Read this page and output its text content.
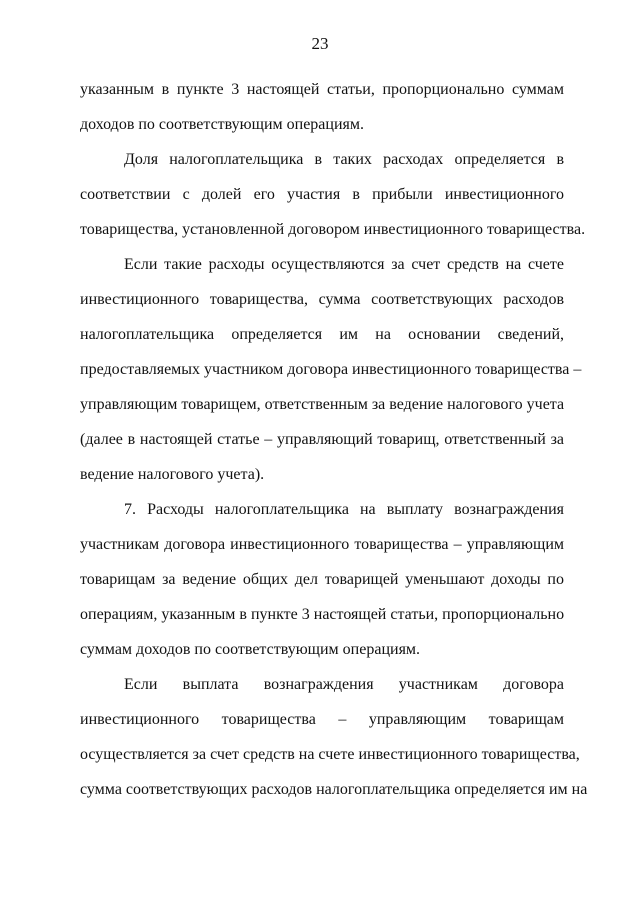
23
указанным в пункте 3 настоящей статьи, пропорционально суммам
доходов по соответствующим операциям.
Доля налогоплательщика в таких расходах определяется в
соответствии с долей его участия в прибыли инвестиционного
товарищества, установленной договором инвестиционного товарищества.
Если такие расходы осуществляются за счет средств на счете
инвестиционного товарищества, сумма соответствующих расходов
налогоплательщика определяется им на основании сведений,
предоставляемых участником договора инвестиционного товарищества –
управляющим товарищем, ответственным за ведение налогового учета
(далее в настоящей статье – управляющий товарищ, ответственный за
ведение налогового учета).
7. Расходы налогоплательщика на выплату вознаграждения
участникам договора инвестиционного товарищества – управляющим
товарищам за ведение общих дел товарищей уменьшают доходы по
операциям, указанным в пункте 3 настоящей статьи, пропорционально
суммам доходов по соответствующим операциям.
Если выплата вознаграждения участникам договора
инвестиционного товарищества – управляющим товарищам
осуществляется за счет средств на счете инвестиционного товарищества,
сумма соответствующих расходов налогоплательщика определяется им на
